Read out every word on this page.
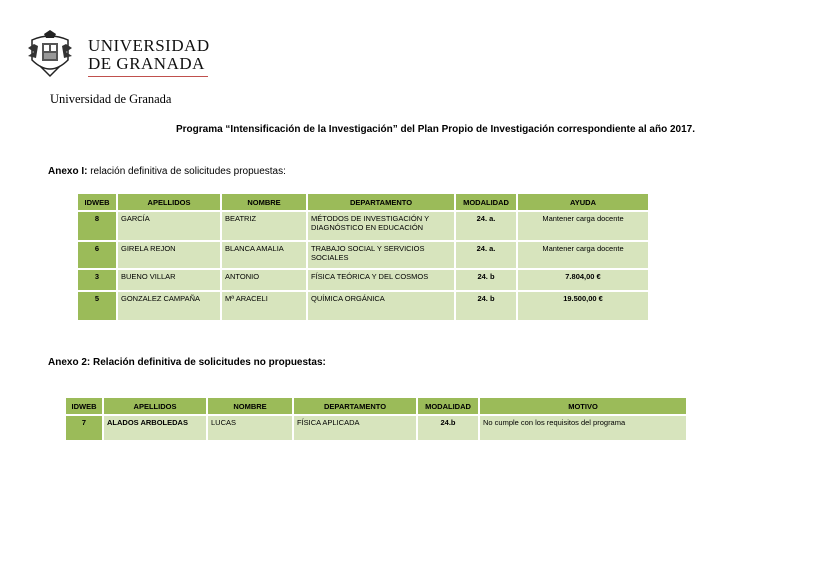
UNIVERSIDAD
DE GRANADA
Universidad de Granada
Programa “Intensificación de la Investigación” del Plan Propio de Investigación correspondiente al año 2017.
Anexo I: relación definitiva de solicitudes propuestas:
IDWEB	APELLIDOS	NOMBRE	DEPARTAMENTO	MODALIDAD	AYUDA
8	GARCÍA	BEATRIZ	MÉTODOS DE INVESTIGACIÓN Y DIAGNÓSTICO EN EDUCACIÓN	24. a.	Mantener carga docente
6	GIRELA REJON	BLANCA AMALIA	TRABAJO SOCIAL Y SERVICIOS SOCIALES	24. a.	Mantener carga docente
3	BUENO VILLAR	ANTONIO	FÍSICA TEÓRICA Y DEL COSMOS	24. b	7.804,00 €
5	GONZALEZ CAMPAÑA	Mª ARACELI	QUÍMICA ORGÁNICA	24. b	19.500,00 €
Anexo 2: Relación definitiva de solicitudes no propuestas:
IDWEB	APELLIDOS	NOMBRE	DEPARTAMENTO	MODALIDAD	MOTIVO
7	ALADOS ARBOLEDAS	LUCAS	FÍSICA APLICADA	24.b	No cumple con los requisitos del programa
